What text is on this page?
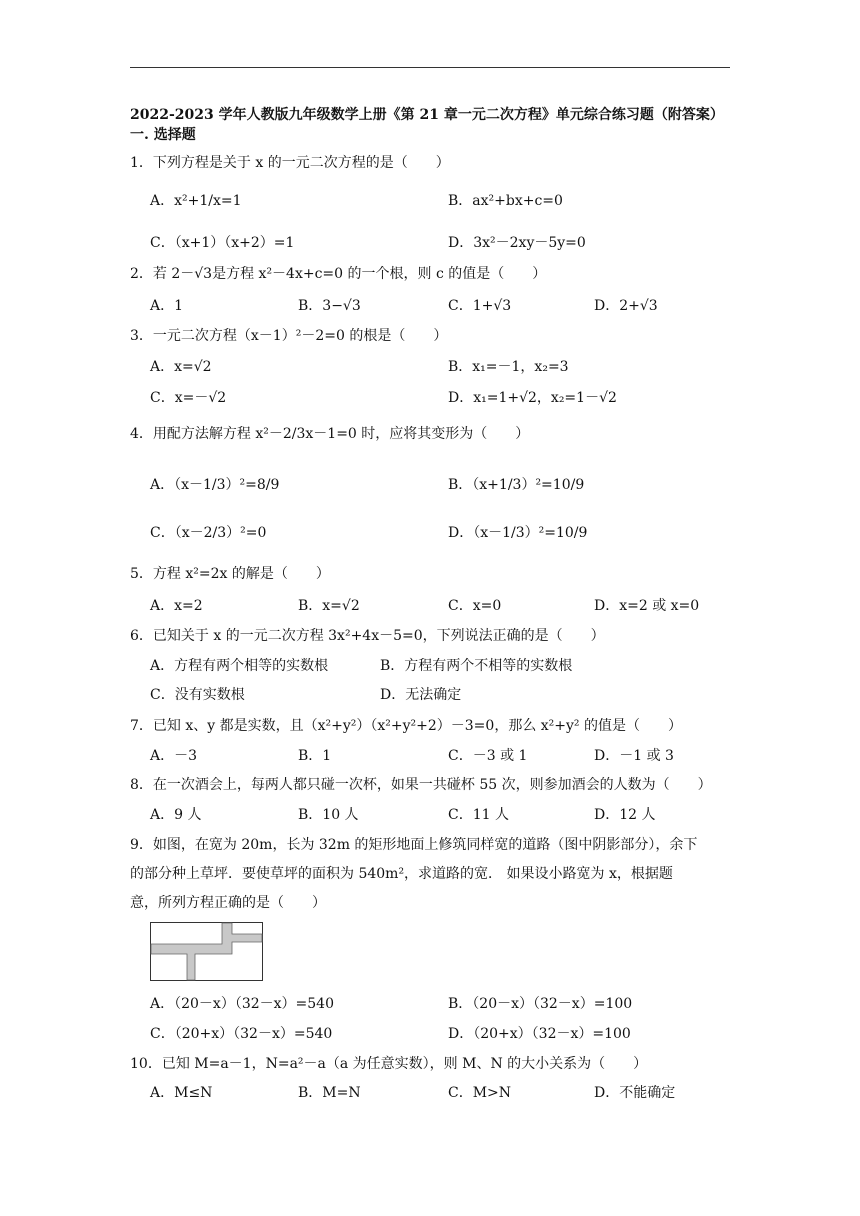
2022-2023 学年人教版九年级数学上册《第 21 章一元二次方程》单元综合练习题（附答案）
一. 选择题
1．下列方程是关于 x 的一元二次方程的是（　　）
A．x²+1/x=1	B．ax²+bx+c=0
C．（x+1）（x+2）=1	D．3x²－2xy－5y=0
2．若 2－√3是方程 x²－4x+c=0 的一个根，则 c 的值是（　　）
A．1	B．3−√3	C．1+√3	D．2+√3
3．一元二次方程（x－1）²－2=0 的根是（　　）
A．x=√2	B．x₁=－1，x₂=3
C．x=－√2	D．x₁=1+√2，x₂=1－√2
4．用配方法解方程 x²－2/3x－1=0 时，应将其变形为（　　）
A．（x－1/3）²=8/9	B．（x+1/3）²=10/9
C．（x－2/3）²=0	D．（x－1/3）²=10/9
5．方程 x²=2x 的解是（　　）
A．x=2	B．x=√2	C．x=0	D．x=2 或 x=0
6．已知关于 x 的一元二次方程 3x²+4x－5=0，下列说法正确的是（　　）
A．方程有两个相等的实数根	B．方程有两个不相等的实数根
C．没有实数根	D．无法确定
7．已知 x、y 都是实数，且（x²+y²）（x²+y²+2）－3=0，那么 x²+y² 的值是（　　）
A．－3	B．1	C．－3 或 1	D．－1 或 3
8．在一次酒会上，每两人都只碰一次杯，如果一共碰杯 55 次，则参加酒会的人数为（　　）
A．9 人	B．10 人	C．11 人	D．12 人
9．如图，在宽为 20m，长为 32m 的矩形地面上修筑同样宽的道路（图中阴影部分），余下
的部分种上草坪．要使草坪的面积为 540m²，求道路的宽． 如果设小路宽为 x，根据题
意，所列方程正确的是（　　）
A．（20－x）（32－x）=540	B．（20－x）（32－x）=100
C．（20+x）（32－x）=540	D．（20+x）（32－x）=100
10．已知 M=a－1，N=a²－a（a 为任意实数），则 M、N 的大小关系为（　　）
A．M≤N	B．M=N	C．M>N	D．不能确定
